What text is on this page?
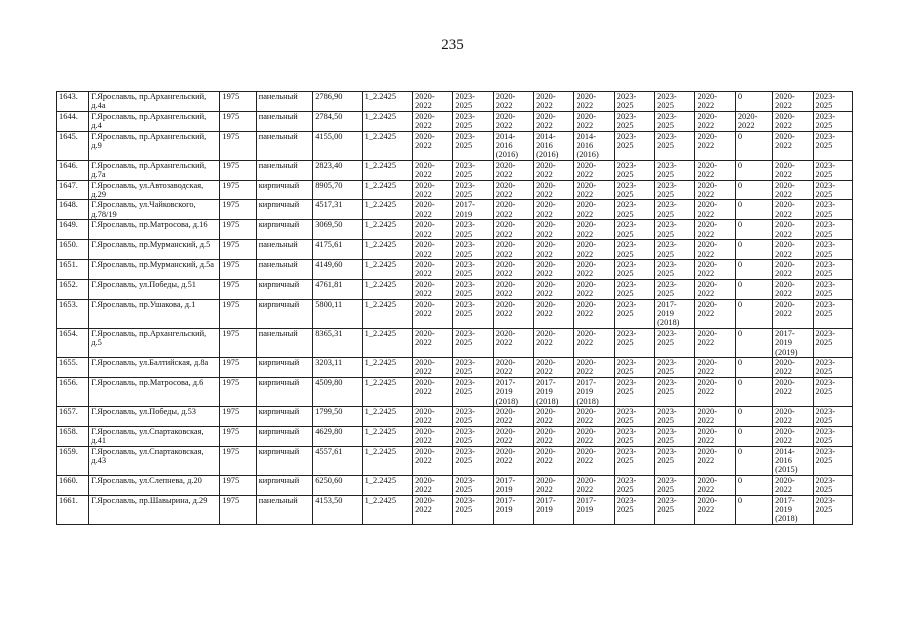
235
1643.	Г.Ярославль, пр.Архангельский, д.4а	1975	панельный	2786,90	1_2.2425	2020-2022	2023-2025	2020-2022	2020-2022	2020-2022	2023-2025	2023-2025	2020-2022	0	2020-2022	2023-2025
1644.	Г.Ярославль, пр.Архангельский, д.4	1975	панельный	2784,50	1_2.2425	2020-2022	2023-2025	2020-2022	2020-2022	2020-2022	2023-2025	2023-2025	2020-2022	2020-2022	2020-2022	2023-2025
1645.	Г.Ярославль, пр.Архангельский, д.9	1975	панельный	4155,00	1_2.2425	2020-2022	2023-2025	2014-2016 (2016)	2014-2016 (2016)	2014-2016 (2016)	2023-2025	2023-2025	2020-2022	0	2020-2022	2023-2025
1646.	Г.Ярославль, пр.Архангельский, д.7а	1975	панельный	2823,40	1_2.2425	2020-2022	2023-2025	2020-2022	2020-2022	2020-2022	2023-2025	2023-2025	2020-2022	0	2020-2022	2023-2025
1647.	Г.Ярославль, ул.Автозаводская, д.29	1975	кирпичный	8905,70	1_2.2425	2020-2022	2023-2025	2020-2022	2020-2022	2020-2022	2023-2025	2023-2025	2020-2022	0	2020-2022	2023-2025
1648.	Г.Ярославль, ул.Чайковского, д.78/19	1975	кирпичный	4517,31	1_2.2425	2020-2022	2017-2019	2020-2022	2020-2022	2020-2022	2023-2025	2023-2025	2020-2022	0	2020-2022	2023-2025
1649.	Г.Ярославль, пр.Матросова, д.16	1975	кирпичный	3069,50	1_2.2425	2020-2022	2023-2025	2020-2022	2020-2022	2020-2022	2023-2025	2023-2025	2020-2022	0	2020-2022	2023-2025
1650.	Г.Ярославль, пр.Мурманский, д.5	1975	панельный	4175,61	1_2.2425	2020-2022	2023-2025	2020-2022	2020-2022	2020-2022	2023-2025	2023-2025	2020-2022	0	2020-2022	2023-2025
1651.	Г.Ярославль, пр.Мурманский, д.5а	1975	панельный	4149,60	1_2.2425	2020-2022	2023-2025	2020-2022	2020-2022	2020-2022	2023-2025	2023-2025	2020-2022	0	2020-2022	2023-2025
1652.	Г.Ярославль, ул.Победы, д.51	1975	кирпичный	4761,81	1_2.2425	2020-2022	2023-2025	2020-2022	2020-2022	2020-2022	2023-2025	2023-2025	2020-2022	0	2020-2022	2023-2025
1653.	Г.Ярославль, пр.Ушакова, д.1	1975	кирпичный	5800,11	1_2.2425	2020-2022	2023-2025	2020-2022	2020-2022	2020-2022	2023-2025	2017-2019 (2018)	2020-2022	0	2020-2022	2023-2025
1654.	Г.Ярославль, пр.Архангельский, д.5	1975	панельный	8365,31	1_2.2425	2020-2022	2023-2025	2020-2022	2020-2022	2020-2022	2023-2025	2023-2025	2020-2022	0	2017-2019 (2019)	2023-2025
1655.	Г.Ярославль, ул.Балтийская, д.8а	1975	кирпичный	3203,11	1_2.2425	2020-2022	2023-2025	2020-2022	2020-2022	2020-2022	2023-2025	2023-2025	2020-2022	0	2020-2022	2023-2025
1656.	Г.Ярославль, пр.Матросова, д.6	1975	кирпичный	4509,80	1_2.2425	2020-2022	2023-2025	2017-2019 (2018)	2017-2019 (2018)	2017-2019 (2018)	2023-2025	2023-2025	2020-2022	0	2020-2022	2023-2025
1657.	Г.Ярославль, ул.Победы, д.53	1975	кирпичный	1799,50	1_2.2425	2020-2022	2023-2025	2020-2022	2020-2022	2020-2022	2023-2025	2023-2025	2020-2022	0	2020-2022	2023-2025
1658.	Г.Ярославль, ул.Спартаковская, д.41	1975	кирпичный	4629,80	1_2.2425	2020-2022	2023-2025	2020-2022	2020-2022	2020-2022	2023-2025	2023-2025	2020-2022	0	2020-2022	2023-2025
1659.	Г.Ярославль, ул.Спартаковская, д.43	1975	кирпичный	4557,61	1_2.2425	2020-2022	2023-2025	2020-2022	2020-2022	2020-2022	2023-2025	2023-2025	2020-2022	0	2014-2016 (2015)	2023-2025
1660.	Г.Ярославль, ул.Слепнева, д.20	1975	кирпичный	6250,60	1_2.2425	2020-2022	2023-2025	2017-2019	2020-2022	2020-2022	2023-2025	2023-2025	2020-2022	0	2020-2022	2023-2025
1661.	Г.Ярославль, пр.Шавырина, д.29	1975	панельный	4153,50	1_2.2425	2020-2022	2023-2025	2017-2019	2017-2019	2017-2019	2023-2025	2023-2025	2020-2022	0	2017-2019 (2018)	2023-2025
